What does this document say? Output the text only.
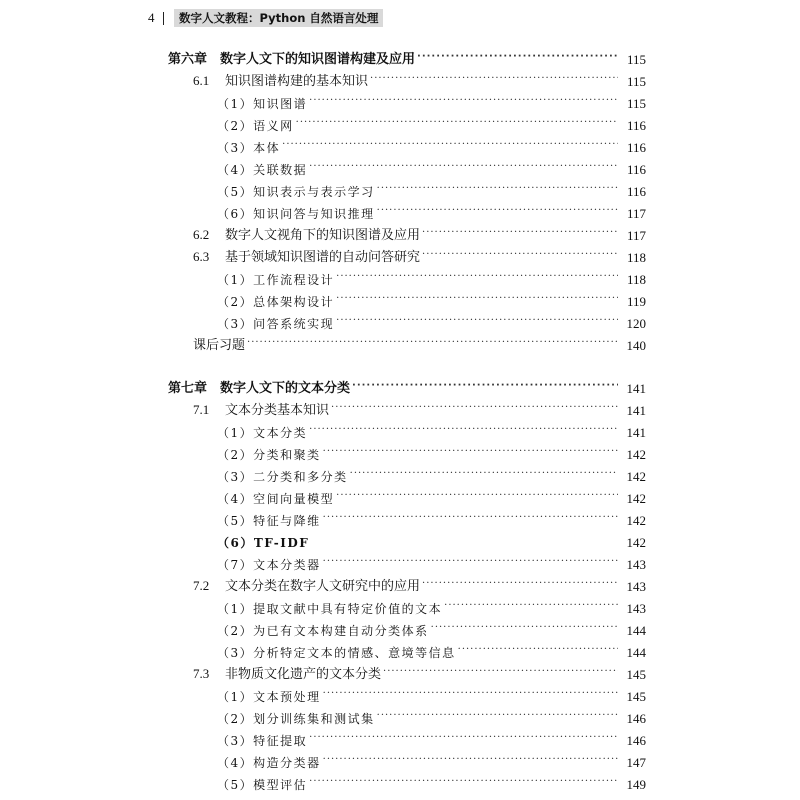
4	数字人文教程：Python 自然语言处理
第六章　数字人文下的知识图谱构建及应用 ·····	115
6.1 知识图谱构建的基本知识 ·····	115
（1）知识图谱 ·····	115
（2）语义网 ·····	116
（3）本体 ·····	116
（4）关联数据 ·····	116
（5）知识表示与表示学习 ·····	116
（6）知识问答与知识推理 ·····	117
6.2 数字人文视角下的知识图谱及应用 ·····	117
6.3 基于领域知识图谱的自动问答研究 ·····	118
（1）工作流程设计 ·····	118
（2）总体架构设计 ·····	119
（3）问答系统实现 ·····	120
课后习题 ·····	140
第七章　数字人文下的文本分类 ·····	141
7.1 文本分类基本知识 ·····	141
（1）文本分类 ·····	141
（2）分类和聚类 ·····	142
（3）二分类和多分类 ·····	142
（4）空间向量模型 ·····	142
（5）特征与降维 ·····	142
（6）TF-IDF	142
（7）文本分类器 ·····	143
7.2 文本分类在数字人文研究中的应用 ·····	143
（1）提取文献中具有特定价值的文本 ·····	143
（2）为已有文本构建自动分类体系 ·····	144
（3）分析特定文本的情感、意境等信息 ·····	144
7.3 非物质文化遗产的文本分类 ·····	145
（1）文本预处理 ·····	145
（2）划分训练集和测试集 ·····	146
（3）特征提取 ·····	146
（4）构造分类器 ·····	147
（5）模型评估 ·····	149
